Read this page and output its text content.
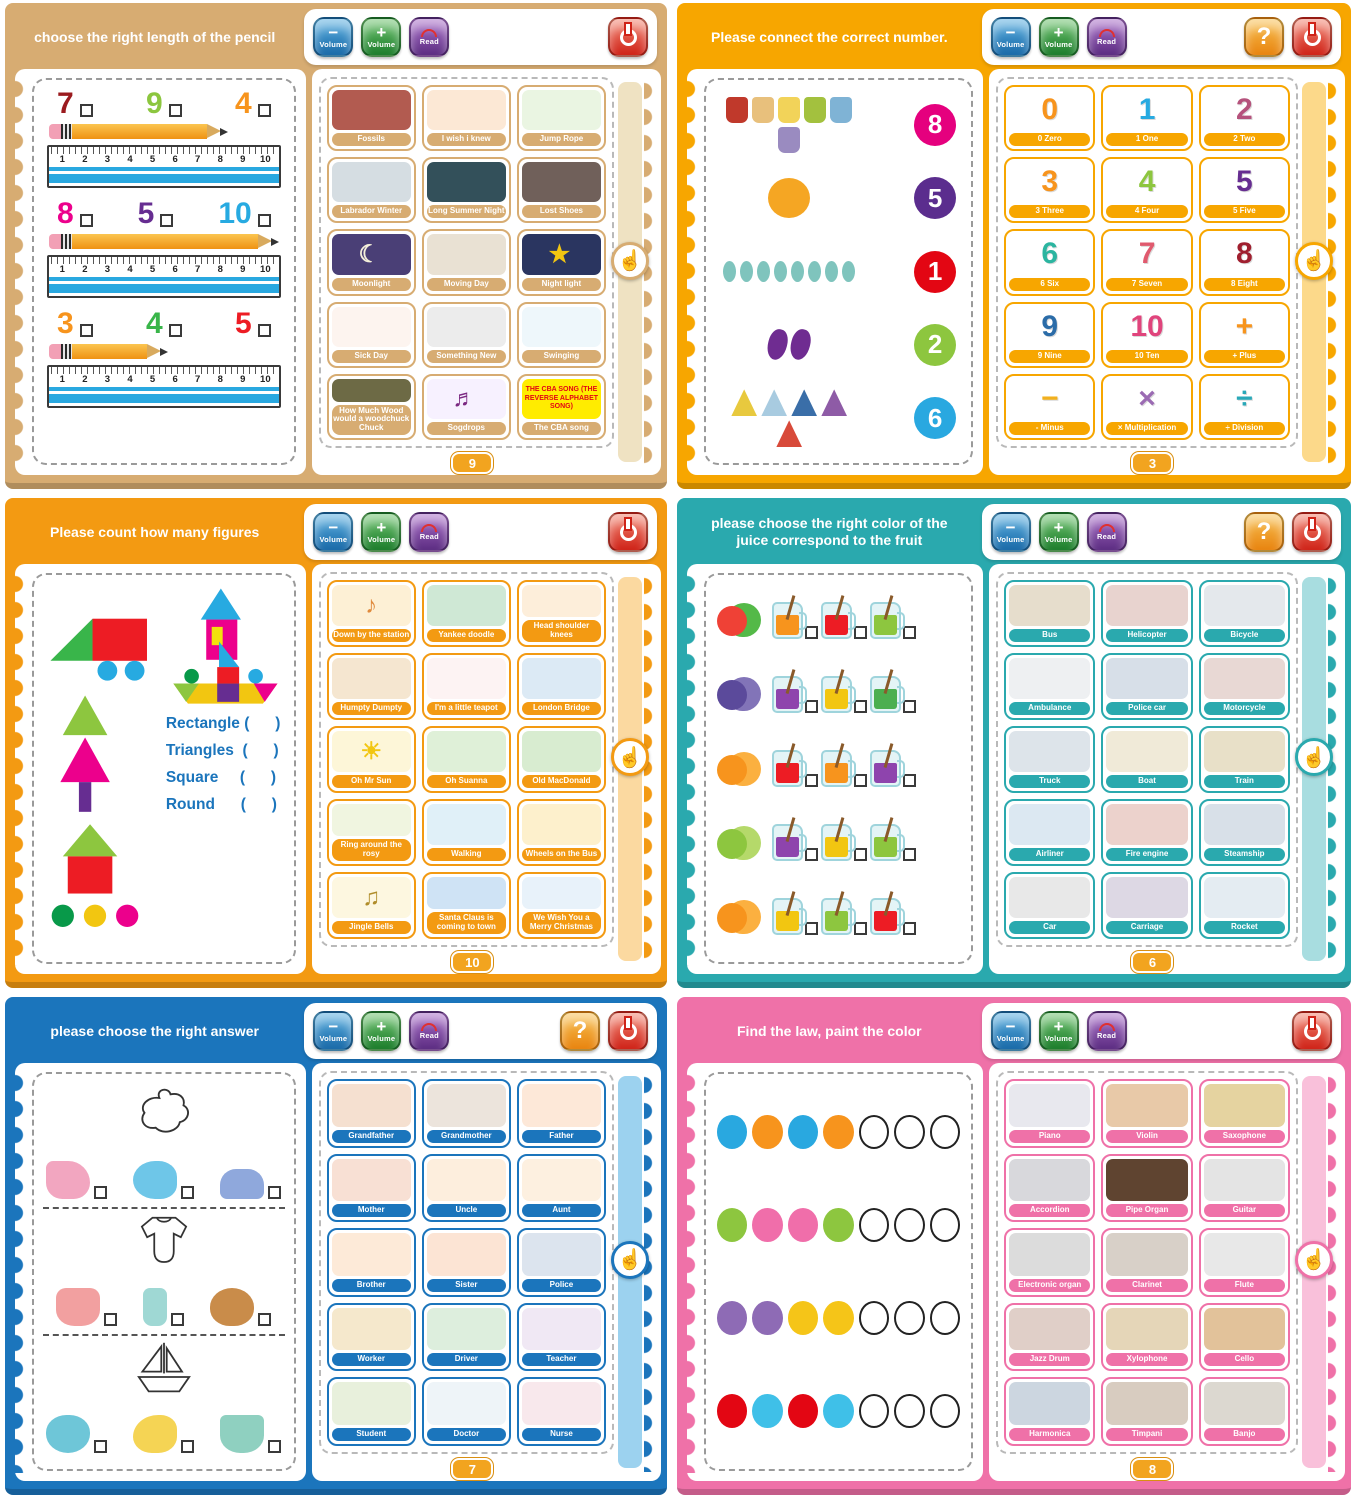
choose the right length of the pencil	−
Volume
+
Volume	Read
7 9 4
1	2	3	4	5	6	7	8	9	10
8 5 10
1	2	3	4	5	6	7	8	9	10
3 4 5
1	2	3	4	5	6	7	8	9	10
Fossils	I wish i knew	Jump Rope
Labrador Winter	Long Summer Night	Lost Shoes
☾
Moonlight	Moving Day
★
Night light
Sick Day	Something New	Swinging
How Much Wood would a woodchuck Chuck
♬
Sogdrops
THE CBA SONG (THE REVERSE ALPHABET SONG)
The CBA song
☝
9
Please connect the correct number.	−
Volume
+
Volume	Read	?
8
5
1
2
6
0
0 Zero
1
1 One
2
2 Two
3
3 Three
4
4 Four
5
5 Five
6
6 Six
7
7 Seven
8
8 Eight
9
9 Nine
10
10 Ten
+
+ Plus
−
- Minus
×
× Multiplication
÷
÷ Division
☝
3
Please count how many figures	−
Volume
+
Volume	Read
Rectangle (      )
Triangles  (      )
Square     (      )
Round      (      )
♪
Down by the station	Yankee doodle
Head shoulder knees
Humpty Dumpty	I'm a little teapot	London Bridge
☀
Oh Mr Sun	Oh Suanna	Old MacDonald
Ring around the rosy	Walking	Wheels on the Bus
♫
Jingle Bells
Santa Claus is coming to town
We Wish You a Merry Christmas
☝
10
please choose the right color of the juice correspond to the fruit
−
Volume
+
Volume	Read	?
Bus	Helicopter	Bicycle
Ambulance	Police car	Motorcycle
Truck	Boat	Train
Airliner	Fire engine	Steamship
Car	Carriage	Rocket
☝
6
please choose the right answer	−
Volume
+
Volume	Read	?
Grandfather	Grandmother	Father
Mother	Uncle	Aunt
Brother	Sister	Police
Worker	Driver	Teacher
Student	Doctor	Nurse
☝
7
Find the law, paint the color	−
Volume
+
Volume	Read
Piano	Violin	Saxophone
Accordion	Pipe Organ	Guitar
Electronic organ	Clarinet	Flute
Jazz Drum	Xylophone	Cello
Harmonica	Timpani	Banjo
☝
8
